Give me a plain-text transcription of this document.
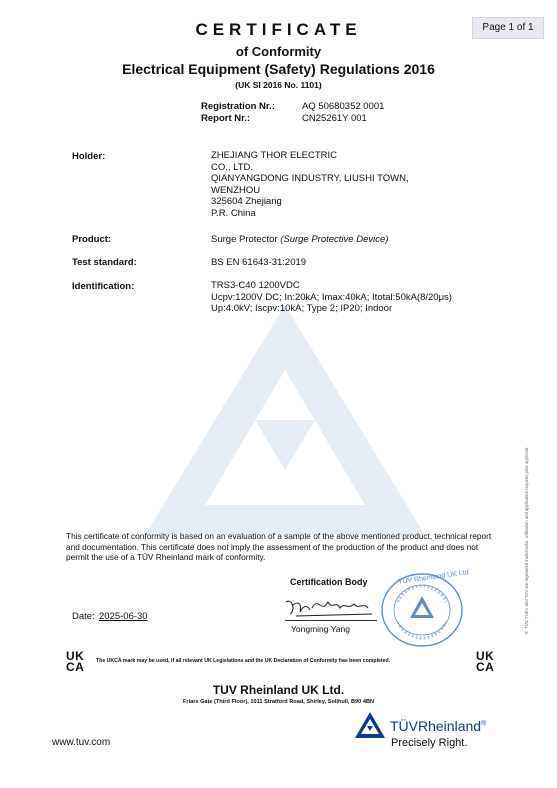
Page 1 of 1
CERTIFICATE
of Conformity
Electrical Equipment (Safety) Regulations 2016
(UK SI 2016 No. 1101)
Registration Nr.:	AQ 50680352 0001
Report Nr.:	CN25261Y 001
Holder:	ZHEJIANG THOR ELECTRIC
CO., LTD.
QIANYANGDONG INDUSTRY, LIUSHI TOWN,
WENZHOU
325604 Zhejiang
P.R. China
Product:	Surge Protector (Surge Protective Device)
Test standard:	BS EN 61643-31:2019
Identification:	TRS3-C40 1200VDC
Ucpv:1200V DC; In:20kA; Imax:40kA; Itotal:50kA(8/20μs)
Up:4.0kV; Iscpv:10kA; Type 2; IP20; Indoor
This certificate of conformity is based on an evaluation of a sample of the above mentioned product, technical report and documentation. This certificate does not imply the assessment of the production of the product and does not permit the use of a TÜV Rheinland mark of conformity.
Certification Body
Yongming Yang
TÜV Rheinland UK Ltd
Date: 2025-06-30
UK
CA The UKCA mark may be used, if all relevant UK Legislations and the UK Declaration of Conformity has been completed.	UK
CA
TUV Rheinland UK Ltd.
Friars Gate (Third Floor), 1011 Stratford Road, Shirley, Solihull, B90 4BN
www.tuv.com
TÜVRheinland®
Precisely Right.
® TÜV, TUEV and TUV are registered trademarks. Utilisation and application requires prior approval.
